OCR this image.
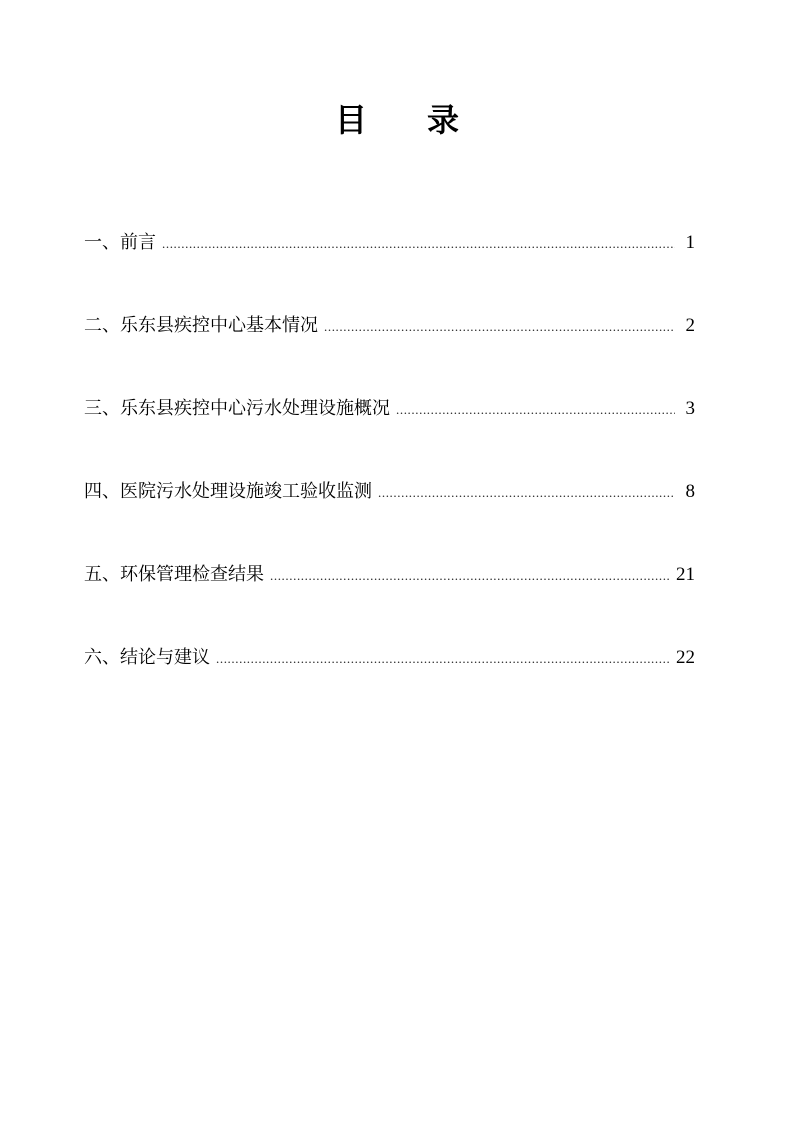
目 录
一、前言 .....	1
二、乐东县疾控中心基本情况 .....	2
三、乐东县疾控中心污水处理设施概况 .....	3
四、医院污水处理设施竣工验收监测 .....	8
五、环保管理检查结果 .....	21
六、结论与建议 .....	22
